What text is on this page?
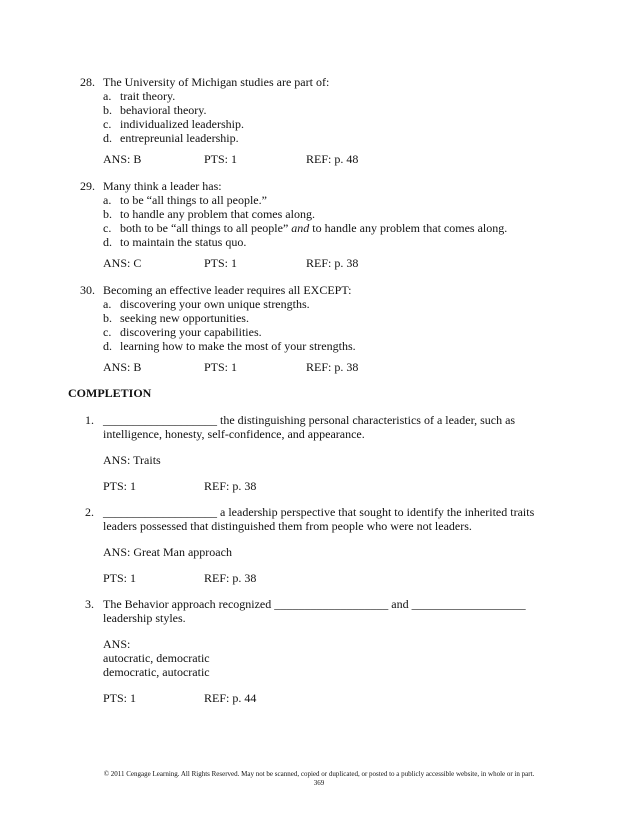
28. The University of Michigan studies are part of:
a. trait theory.
b. behavioral theory.
c. individualized leadership.
d. entrepreunial leadership.
ANS: B	PTS: 1	REF: p. 48
29. Many think a leader has:
a. to be “all things to all people.”
b. to handle any problem that comes along.
c. both to be “all things to all people” and to handle any problem that comes along.
d. to maintain the status quo.
ANS: C	PTS: 1	REF: p. 38
30. Becoming an effective leader requires all EXCEPT:
a. discovering your own unique strengths.
b. seeking new opportunities.
c. discovering your capabilities.
d. learning how to make the most of your strengths.
ANS: B	PTS: 1	REF: p. 38
COMPLETION
1. ___________________ the distinguishing personal characteristics of a leader, such as
intelligence, honesty, self-confidence, and appearance.
ANS: Traits
PTS: 1	REF: p. 38
2. ___________________ a leadership perspective that sought to identify the inherited traits
leaders possessed that distinguished them from people who were not leaders.
ANS: Great Man approach
PTS: 1	REF: p. 38
3. The Behavior approach recognized ___________________ and ___________________
leadership styles.
ANS:
autocratic, democratic
democratic, autocratic
PTS: 1	REF: p. 44
© 2011 Cengage Learning. All Rights Reserved. May not be scanned, copied or duplicated, or posted to a publicly accessible website, in whole or in part.
369
